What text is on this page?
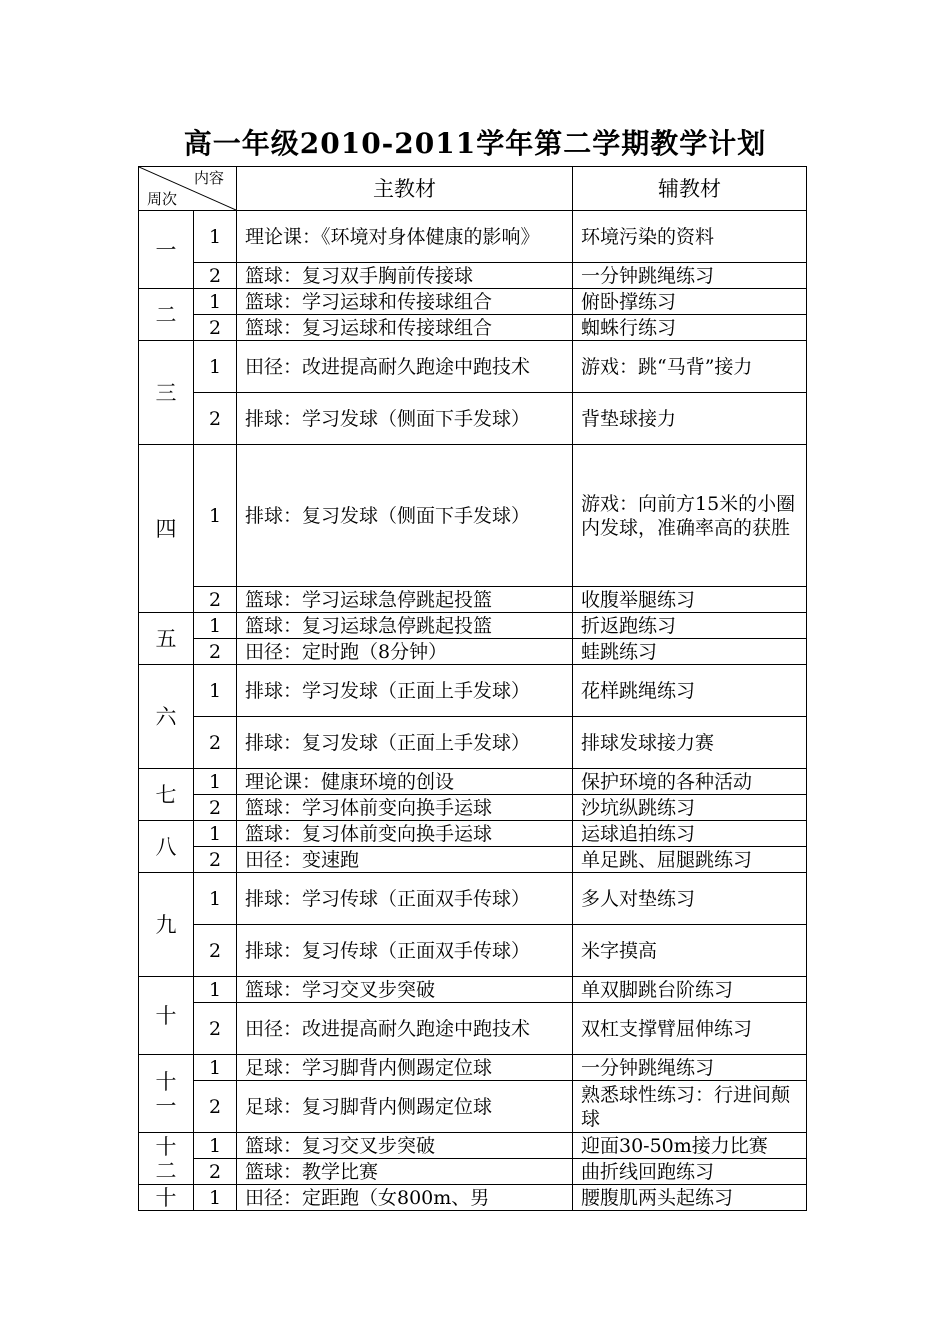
高一年级2010-2011学年第二学期教学计划
内容
周次		主教材	辅教材
一	1	理论课：《环境对身体健康的影响》	环境污染的资料
	2	篮球：复习双手胸前传接球	一分钟跳绳练习
二	1	篮球：学习运球和传接球组合	俯卧撑练习
	2	篮球：复习运球和传接球组合	蜘蛛行练习
三	1	田径：改进提高耐久跑途中跑技术	游戏：跳“马背”接力
	2	排球：学习发球（侧面下手发球）	背垫球接力
四	1	排球：复习发球（侧面下手发球）	游戏：向前方15米的小圈内发球，准确率高的获胜
	2	篮球：学习运球急停跳起投篮	收腹举腿练习
五	1	篮球：复习运球急停跳起投篮	折返跑练习
	2	田径：定时跑（8分钟）	蛙跳练习
六	1	排球：学习发球（正面上手发球）	花样跳绳练习
	2	排球：复习发球（正面上手发球）	排球发球接力赛
七	1	理论课：健康环境的创设	保护环境的各种活动
	2	篮球：学习体前变向换手运球	沙坑纵跳练习
八	1	篮球：复习体前变向换手运球	运球追拍练习
	2	田径：变速跑	单足跳、屈腿跳练习
九	1	排球：学习传球（正面双手传球）	多人对垫练习
	2	排球：复习传球（正面双手传球）	米字摸高
十	1	篮球：学习交叉步突破	单双脚跳台阶练习
	2	田径：改进提高耐久跑途中跑技术	双杠支撑臂屈伸练习
十一	1	足球：学习脚背内侧踢定位球	一分钟跳绳练习
	2	足球：复习脚背内侧踢定位球	熟悉球性练习：行进间颠球
十二	1	篮球：复习交叉步突破	迎面30-50m接力比赛
	2	篮球：教学比赛	曲折线回跑练习
十	1	田径：定距跑（女800m、男	腰腹肌两头起练习
